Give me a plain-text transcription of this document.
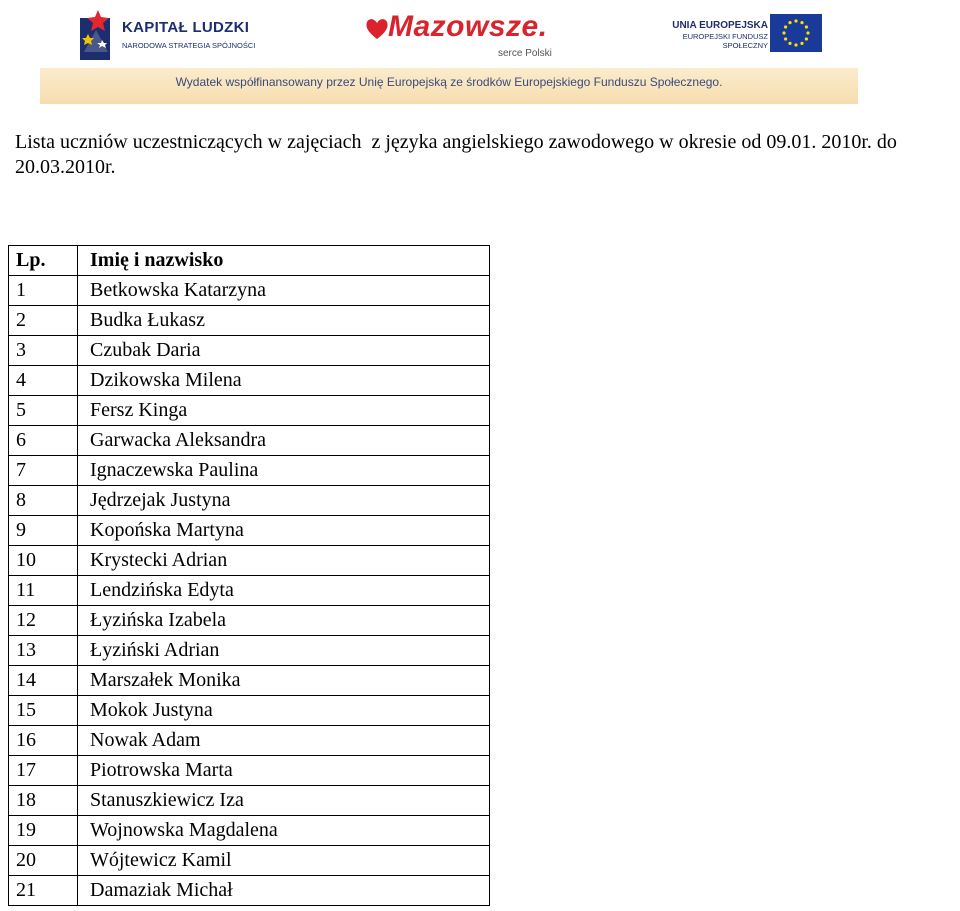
KAPITAŁ LUDZKI
NARODOWA STRATEGIA SPÓJNOŚCI
Mazowsze.
serce Polski
UNIA EUROPEJSKA
EUROPEJSKI FUNDUSZ
SPOŁECZNY
Wydatek współfinansowany przez Unię Europejską ze środków Europejskiego Funduszu Społecznego.
Lista uczniów uczestniczących w zajęciach  z języka angielskiego zawodowego w okresie od 09.01. 2010r. do 20.03.2010r.
Lp.	Imię i nazwisko
1	Betkowska Katarzyna
2	Budka Łukasz
3	Czubak Daria
4	Dzikowska Milena
5	Fersz Kinga
6	Garwacka Aleksandra
7	Ignaczewska Paulina
8	Jędrzejak Justyna
9	Kopońska Martyna
10	Krystecki Adrian
11	Lendzińska Edyta
12	Łyzińska Izabela
13	Łyziński Adrian
14	Marszałek Monika
15	Mokok Justyna
16	Nowak Adam
17	Piotrowska Marta
18	Stanuszkiewicz Iza
19	Wojnowska Magdalena
20	Wójtewicz Kamil
21	Damaziak Michał
